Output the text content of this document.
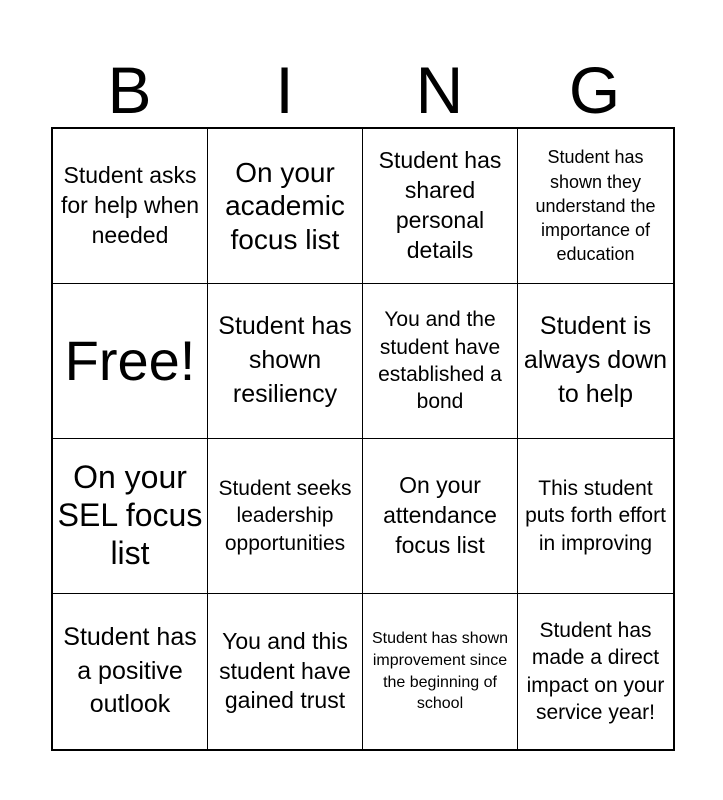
B	I	N	G
Student asks for help when needed
On your academic focus list
Student has shared personal details
Student has shown they understand the importance of education
Free!
Student has shown resiliency
You and the student have established a bond
Student is always down to help
On your SEL focus list
Student seeks leadership opportunities
On your attendance focus list
This student puts forth effort in improving
Student has a positive outlook
You and this student have gained trust
Student has shown improvement since the beginning of school
Student has made a direct impact on your service year!
